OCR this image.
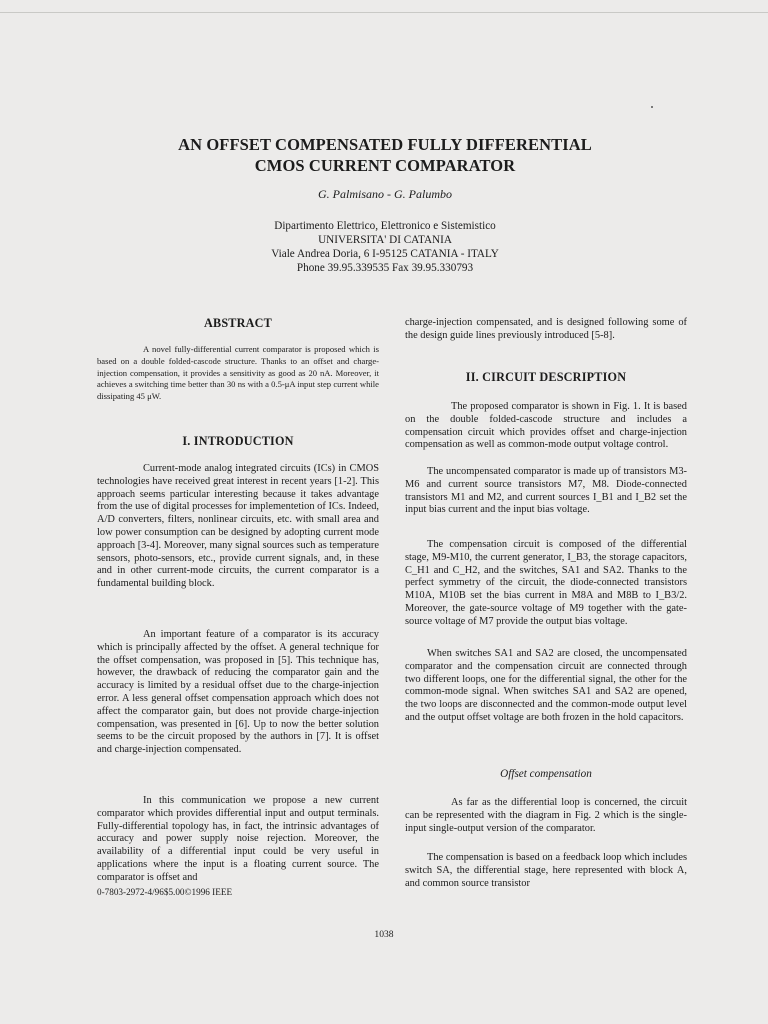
AN OFFSET COMPENSATED FULLY DIFFERENTIAL
CMOS CURRENT COMPARATOR
G. Palmisano - G. Palumbo
Dipartimento Elettrico, Elettronico e Sistemistico
UNIVERSITA' DI CATANIA
Viale Andrea Doria, 6 I-95125 CATANIA - ITALY
Phone 39.95.339535 Fax 39.95.330793
ABSTRACT
A novel fully-differential current comparator is proposed which is based on a double folded-cascode structure. Thanks to an offset and charge-injection compensation, it provides a sensitivity as good as 20 nA. Moreover, it achieves a switching time better than 30 ns with a 0.5-μA input step current while dissipating 45 μW.
I. INTRODUCTION
Current-mode analog integrated circuits (ICs) in CMOS technologies have received great interest in recent years [1-2]. This approach seems particular interesting because it takes advantage from the use of digital processes for implementetion of ICs. Indeed, A/D converters, filters, nonlinear circuits, etc. with small area and low power consumption can be designed by adopting current mode approach [3-4]. Moreover, many signal sources such as temperature sensors, photo-sensors, etc., provide current signals, and, in these and in other current-mode circuits, the current comparator is a fundamental building block.
An important feature of a comparator is its accuracy which is principally affected by the offset. A general technique for the offset compensation, was proposed in [5]. This technique has, however, the drawback of reducing the comparator gain and the accuracy is limited by a residual offset due to the charge-injection error. A less general offset compensation approach which does not affect the comparator gain, but does not provide charge-injection compensation, was presented in [6]. Up to now the better solution seems to be the circuit proposed by the authors in [7]. It is offset and charge-injection compensated.
In this communication we propose a new current comparator which provides differential input and output terminals. Fully-differential topology has, in fact, the intrinsic advantages of accuracy and power supply noise rejection. Moreover, the availability of a differential input could be very useful in applications where the input is a floating current source. The comparator is offset and
0-7803-2972-4/96$5.00©1996 IEEE
charge-injection compensated, and is designed following some of the design guide lines previously introduced [5-8].
II. CIRCUIT DESCRIPTION
The proposed comparator is shown in Fig. 1. It is based on the double folded-cascode structure and includes a compensation circuit which provides offset and charge-injection compensation as well as common-mode output voltage control.
The uncompensated comparator is made up of transistors M3-M6 and current source transistors M7, M8. Diode-connected transistors M1 and M2, and current sources I_B1 and I_B2 set the input bias current and the input bias voltage.
The compensation circuit is composed of the differential stage, M9-M10, the current generator, I_B3, the storage capacitors, C_H1 and C_H2, and the switches, SA1 and SA2. Thanks to the perfect symmetry of the circuit, the diode-connected transistors M10A, M10B set the bias current in M8A and M8B to I_B3/2. Moreover, the gate-source voltage of M9 together with the gate-source voltage of M7 provide the output bias voltage.
When switches SA1 and SA2 are closed, the uncompensated comparator and the compensation circuit are connected through two different loops, one for the differential signal, the other for the common-mode signal. When switches SA1 and SA2 are opened, the two loops are disconnected and the common-mode output level and the output offset voltage are both frozen in the hold capacitors.
Offset compensation
As far as the differential loop is concerned, the circuit can be represented with the diagram in Fig. 2 which is the single-input single-output version of the comparator.
The compensation is based on a feedback loop which includes switch SA, the differential stage, here represented with block A, and common source transistor
1038
